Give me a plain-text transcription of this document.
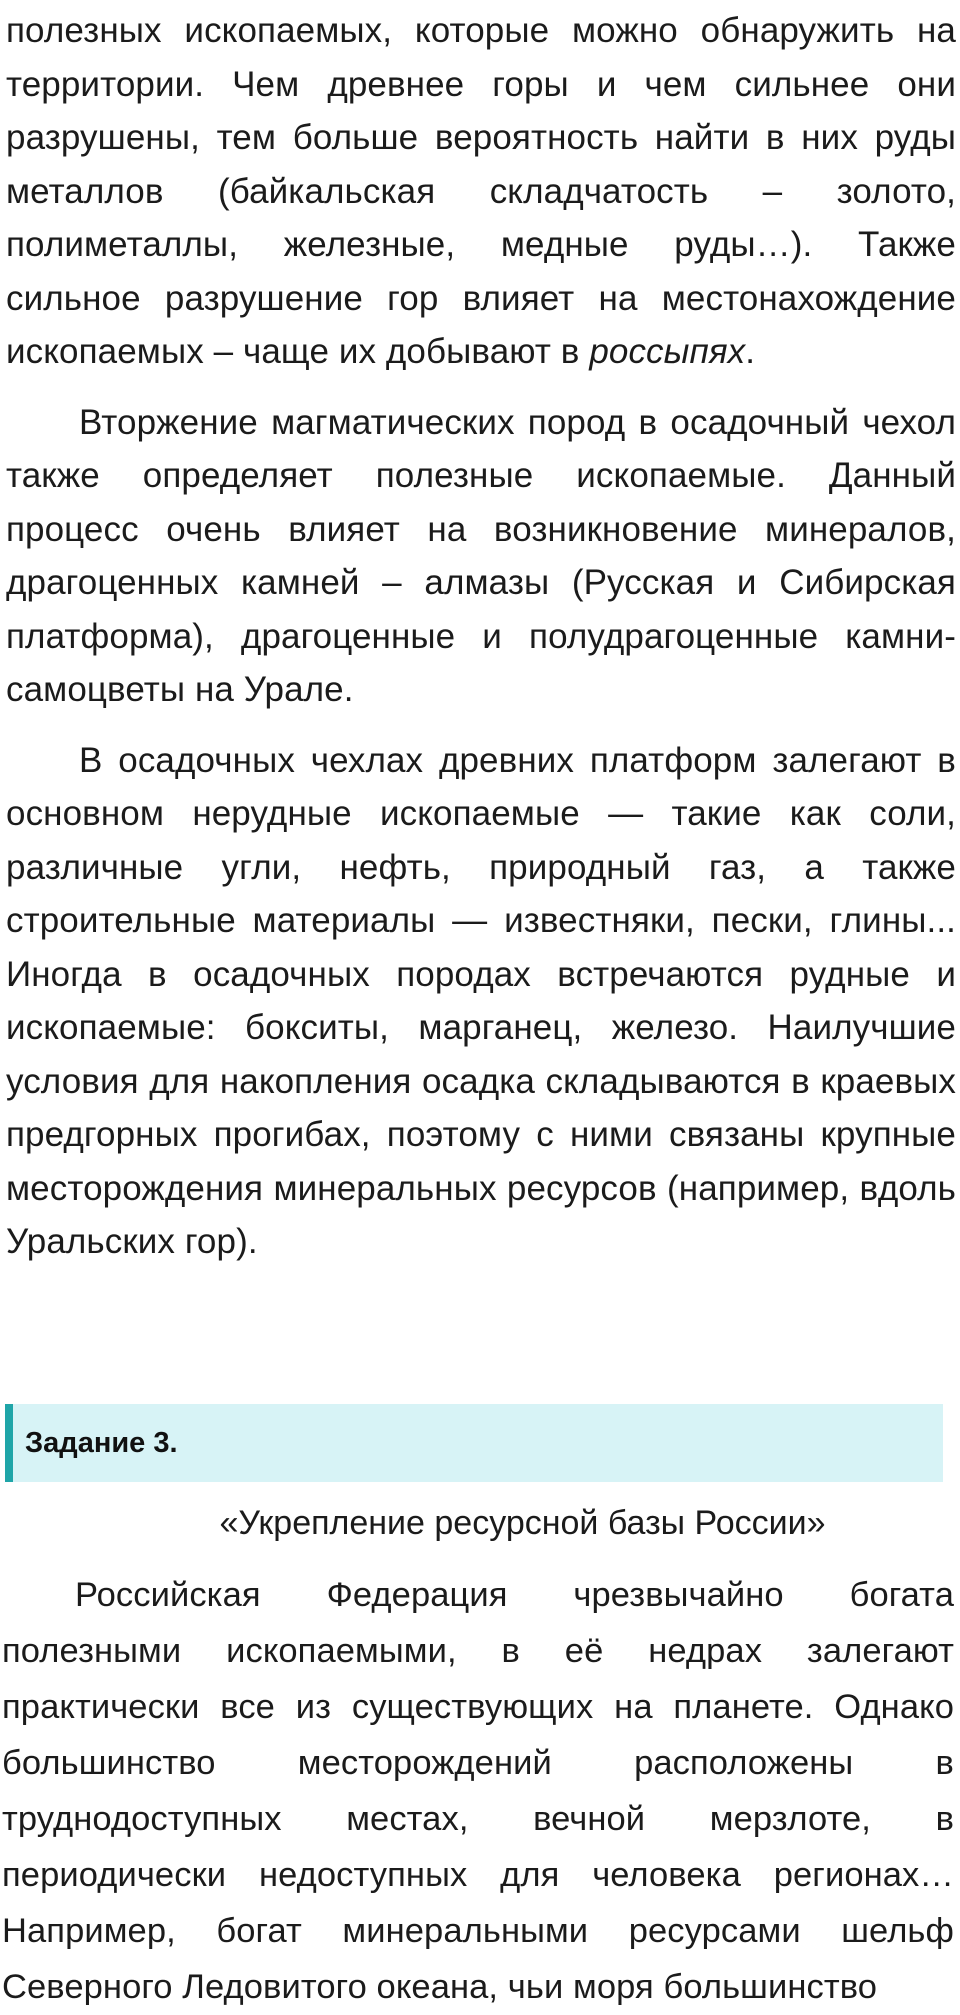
полезных ископаемых, которые можно обнаружить на территории. Чем древнее горы и чем сильнее они разрушены, тем больше вероятность найти в них руды металлов (байкальская складчатость – золото, полиметаллы, железные, медные руды…). Также сильное разрушение гор влияет на местонахождение ископаемых – чаще их добывают в россыпях.

Вторжение магматических пород в осадочный чехол также определяет полезные ископаемые. Данный процесс очень влияет на возникновение минералов, драгоценных камней – алмазы (Русская и Сибирская платформа), драгоценные и полудрагоценные камни-самоцветы на Урале.

В осадочных чехлах древних платформ залегают в основном нерудные ископаемые — такие как соли, различные угли, нефть, природный газ, а также строительные материалы — известняки, пески, глины... Иногда в осадочных породах встречаются рудные и ископаемые: бокситы, марганец, железо. Наилучшие условия для накопления осадка складываются в краевых предгорных прогибах, поэтому с ними связаны крупные месторождения минеральных ресурсов (например, вдоль Уральских гор).

Задание 3.
«Укрепление ресурсной базы России»

Российская Федерация чрезвычайно богата полезными ископаемыми, в её недрах залегают практически все из существующих на планете. Однако большинство месторождений расположены в труднодоступных местах, вечной мерзлоте, в периодически недоступных для человека регионах… Например, богат минеральными ресурсами шельф Северного Ледовитого океана, чьи моря большинство
